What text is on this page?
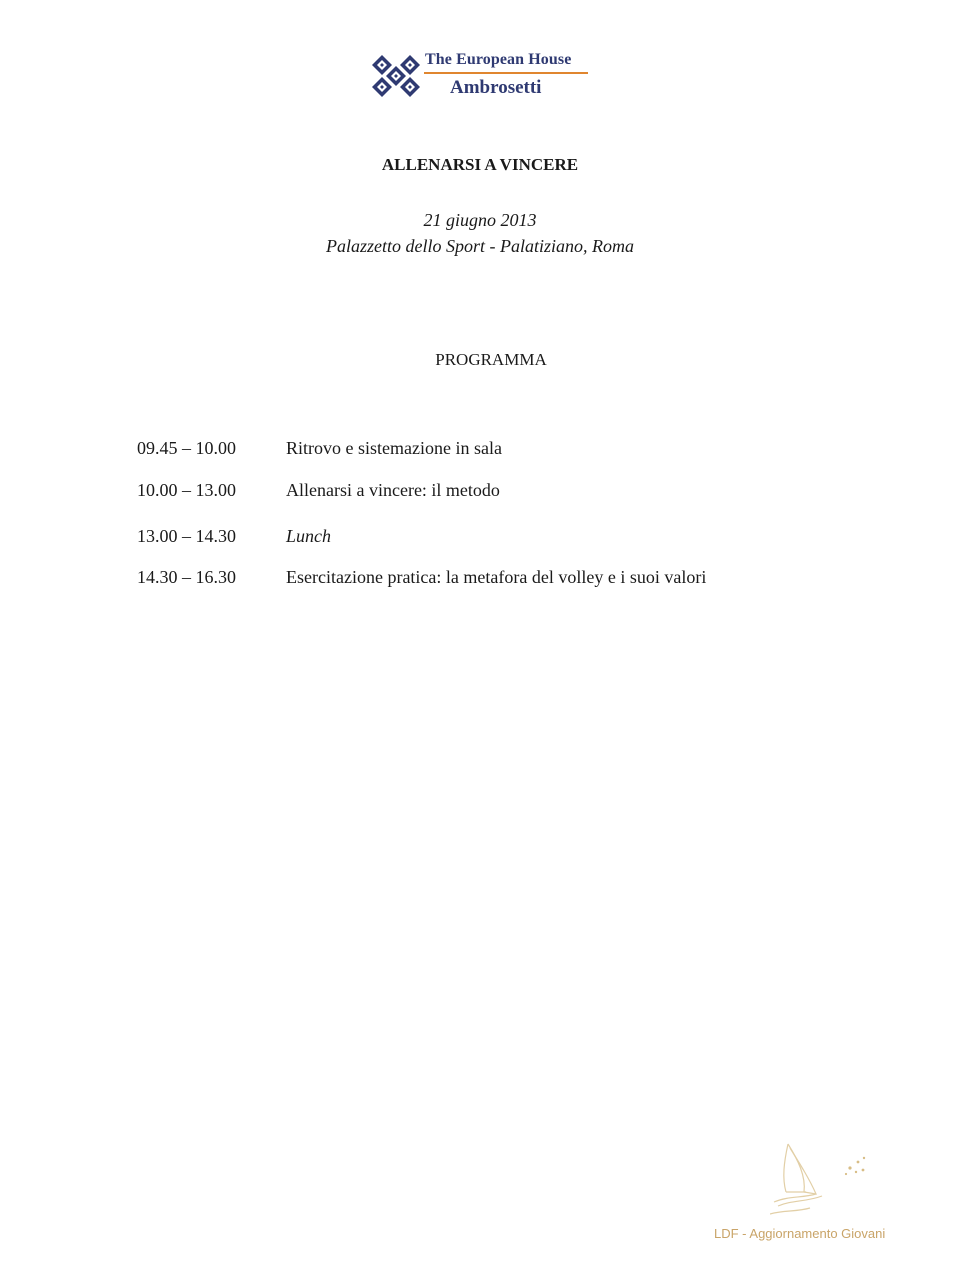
The European House
Ambrosetti
ALLENARSI A VINCERE
21 giugno 2013
Palazzetto dello Sport - Palatiziano, Roma
PROGRAMMA
09.45 – 10.00	Ritrovo e sistemazione in sala
10.00 – 13.00	Allenarsi a vincere: il metodo
13.00 – 14.30	Lunch
14.30 – 16.30	Esercitazione pratica: la metafora del volley e i suoi valori
LDF - Aggiornamento Giovani
